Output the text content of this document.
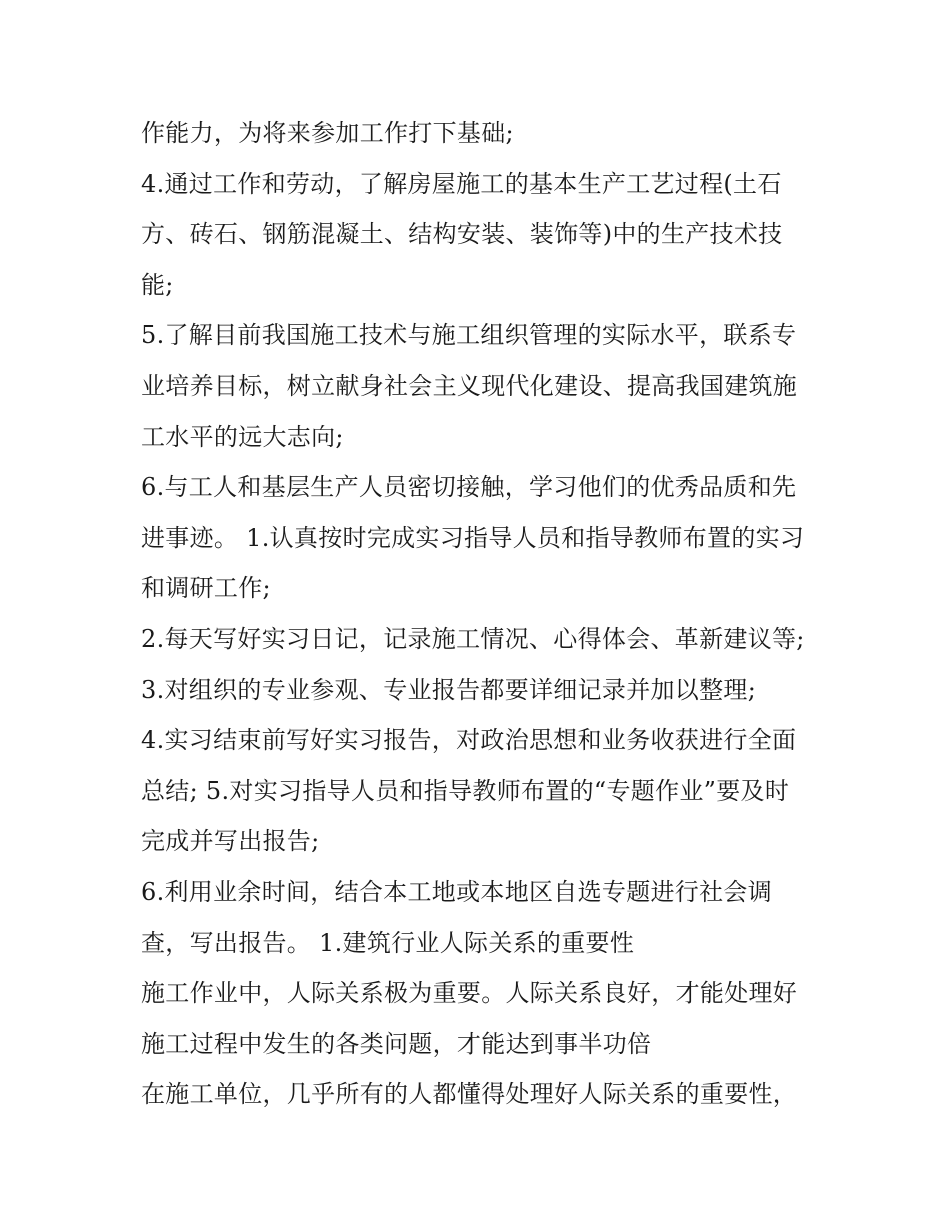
作能力，为将来参加工作打下基础;
4.通过工作和劳动，了解房屋施工的基本生产工艺过程(土石
方、砖石、钢筋混凝土、结构安装、装饰等)中的生产技术技
能;
5.了解目前我国施工技术与施工组织管理的实际水平，联系专
业培养目标，树立献身社会主义现代化建设、提高我国建筑施
工水平的远大志向;
6.与工人和基层生产人员密切接触，学习他们的优秀品质和先
进事迹。 1.认真按时完成实习指导人员和指导教师布置的实习
和调研工作;
2.每天写好实习日记，记录施工情况、心得体会、革新建议等;
3.对组织的专业参观、专业报告都要详细记录并加以整理;
4.实习结束前写好实习报告，对政治思想和业务收获进行全面
总结; 5.对实习指导人员和指导教师布置的“专题作业”要及时
完成并写出报告;
6.利用业余时间，结合本工地或本地区自选专题进行社会调
查，写出报告。 1.建筑行业人际关系的重要性
施工作业中，人际关系极为重要。人际关系良好，才能处理好
施工过程中发生的各类问题，才能达到事半功倍
在施工单位，几乎所有的人都懂得处理好人际关系的重要性，
